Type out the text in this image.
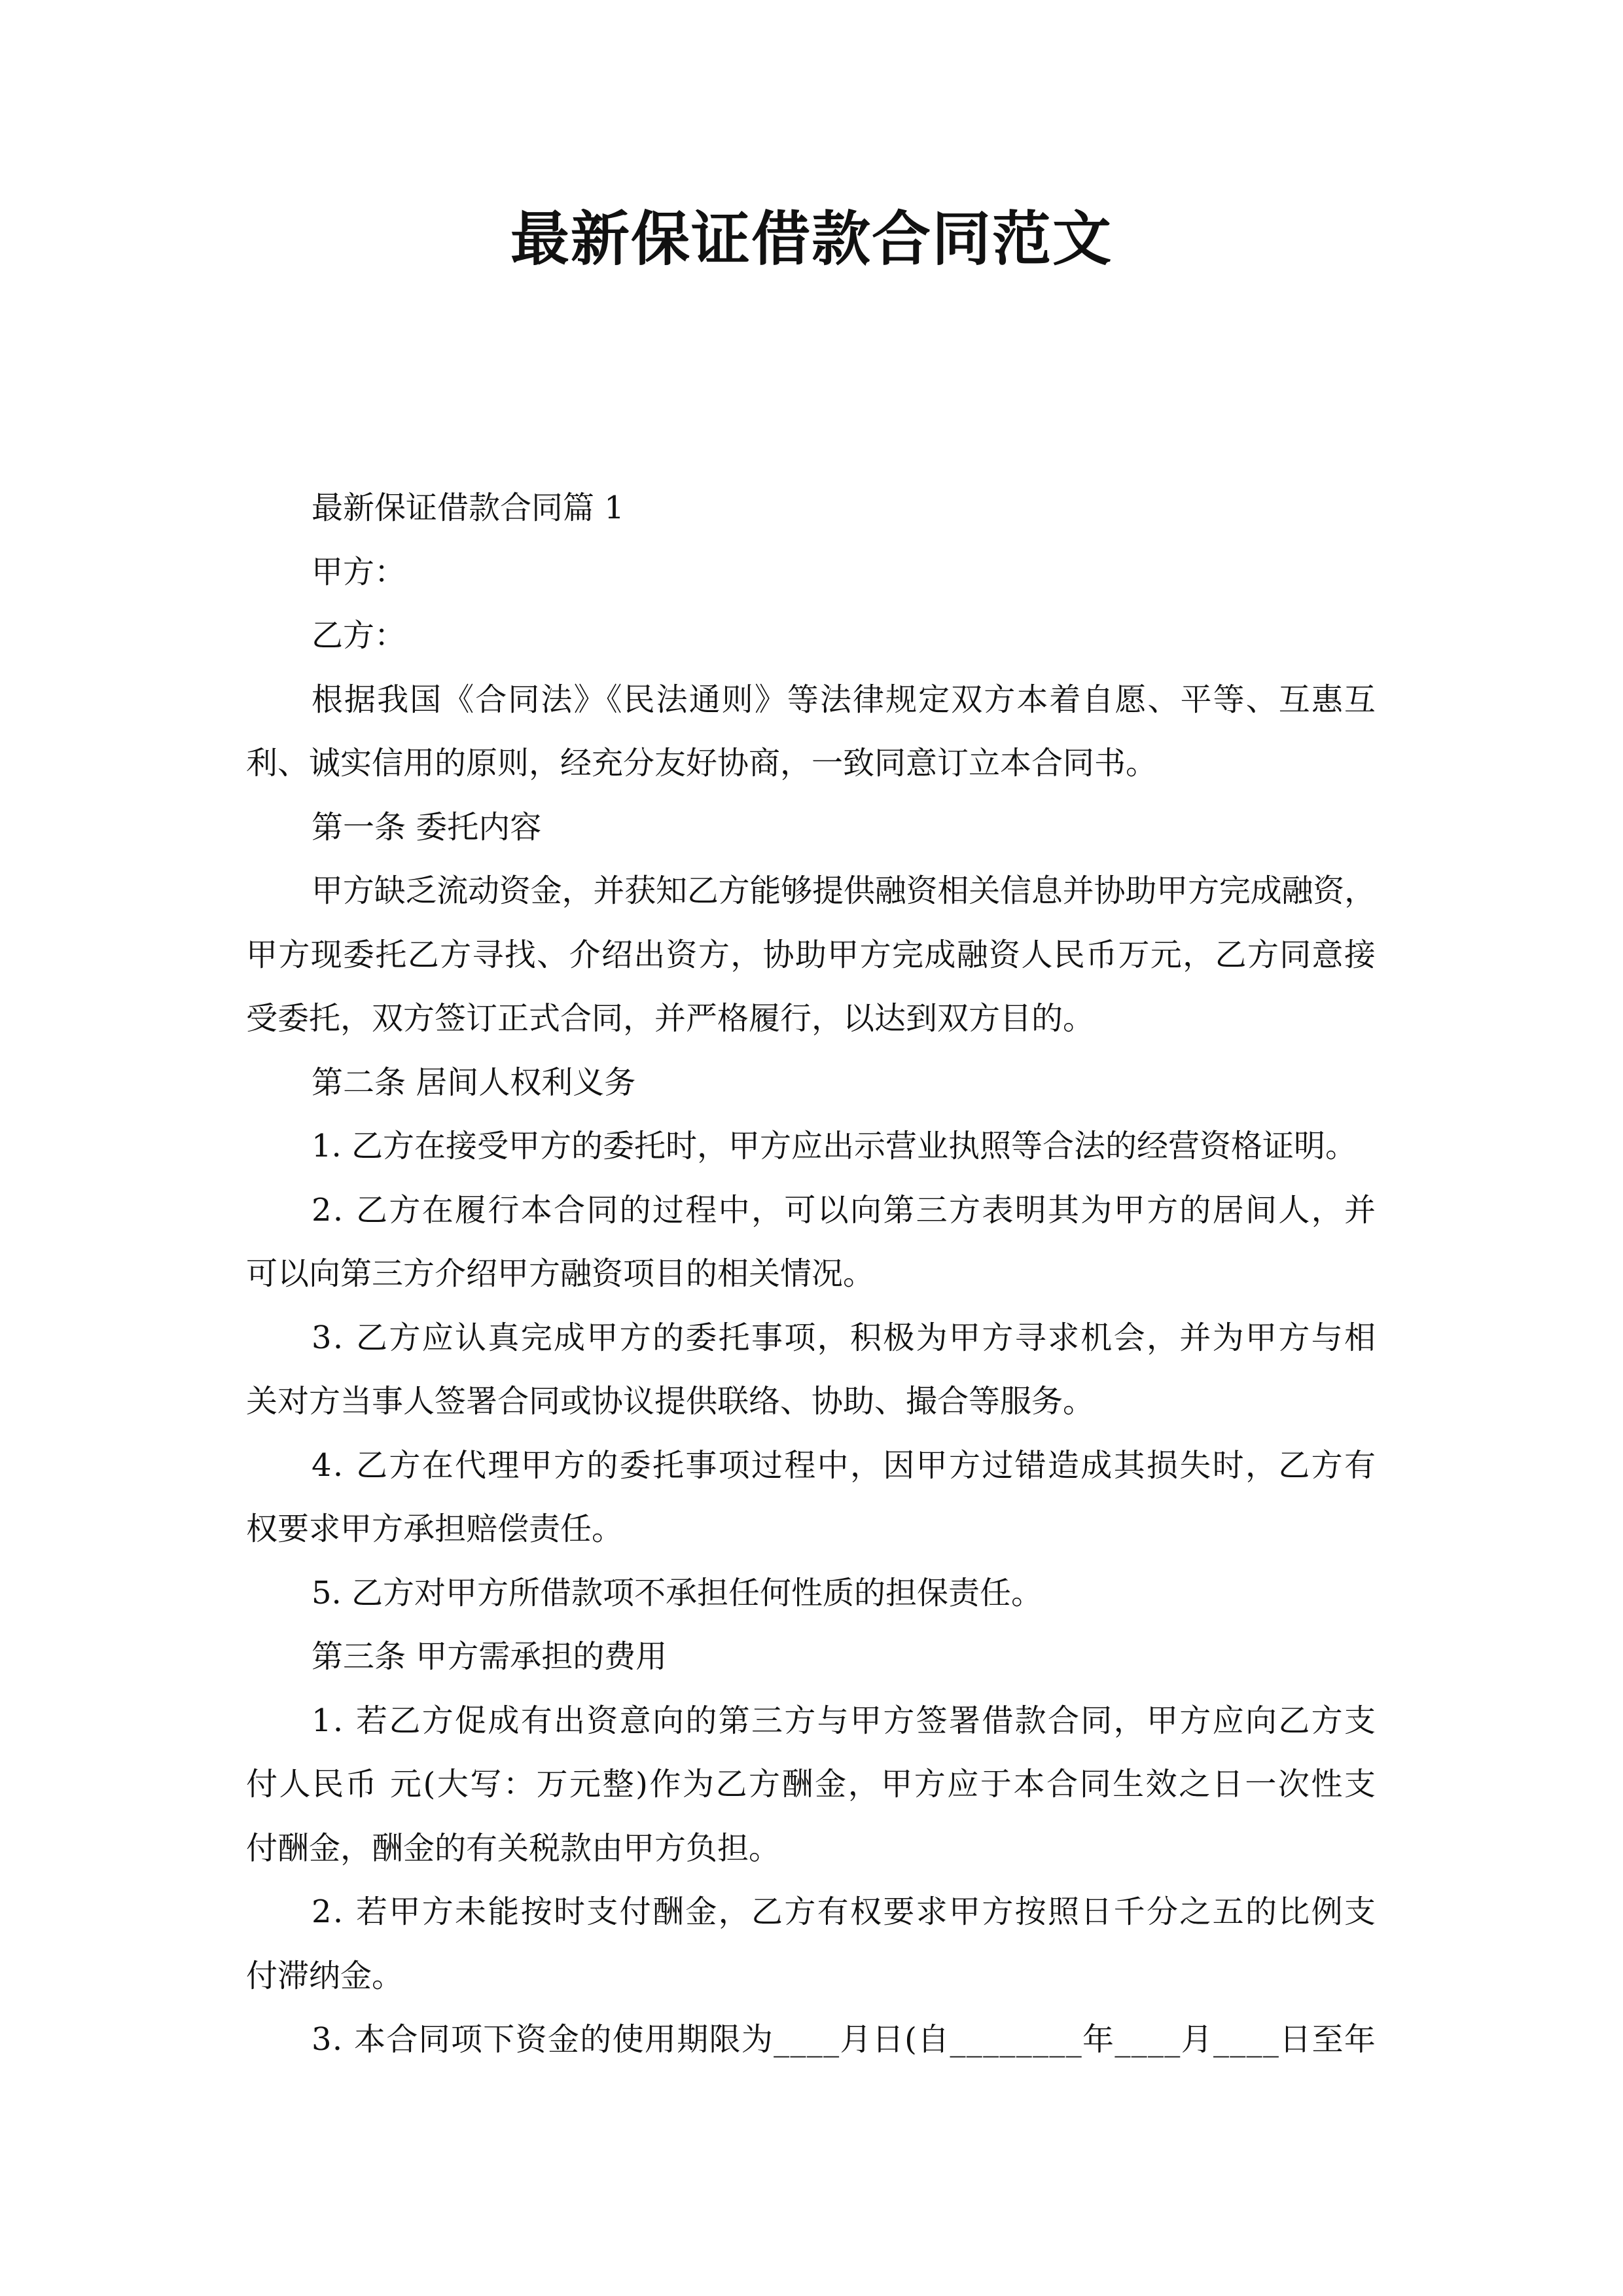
最新保证借款合同范文
最新保证借款合同篇 1
甲方：
乙方：
根据我国《合同法》《民法通则》等法律规定双方本着自愿、平等、互惠互
利、诚实信用的原则，经充分友好协商，一致同意订立本合同书。
第一条 委托内容
甲方缺乏流动资金，并获知乙方能够提供融资相关信息并协助甲方完成融资，
甲方现委托乙方寻找、介绍出资方，协助甲方完成融资人民币万元，乙方同意接
受委托，双方签订正式合同，并严格履行，以达到双方目的。
第二条 居间人权利义务
1. 乙方在接受甲方的委托时，甲方应出示营业执照等合法的经营资格证明。
2. 乙方在履行本合同的过程中，可以向第三方表明其为甲方的居间人，并
可以向第三方介绍甲方融资项目的相关情况。
3. 乙方应认真完成甲方的委托事项，积极为甲方寻求机会，并为甲方与相
关对方当事人签署合同或协议提供联络、协助、撮合等服务。
4. 乙方在代理甲方的委托事项过程中，因甲方过错造成其损失时，乙方有
权要求甲方承担赔偿责任。
5. 乙方对甲方所借款项不承担任何性质的担保责任。
第三条 甲方需承担的费用
1. 若乙方促成有出资意向的第三方与甲方签署借款合同，甲方应向乙方支
付人民币 元(大写：万元整)作为乙方酬金，甲方应于本合同生效之日一次性支
付酬金，酬金的有关税款由甲方负担。
2. 若甲方未能按时支付酬金，乙方有权要求甲方按照日千分之五的比例支
付滞纳金。
3. 本合同项下资金的使用期限为____月日(自________年____月____日至年
